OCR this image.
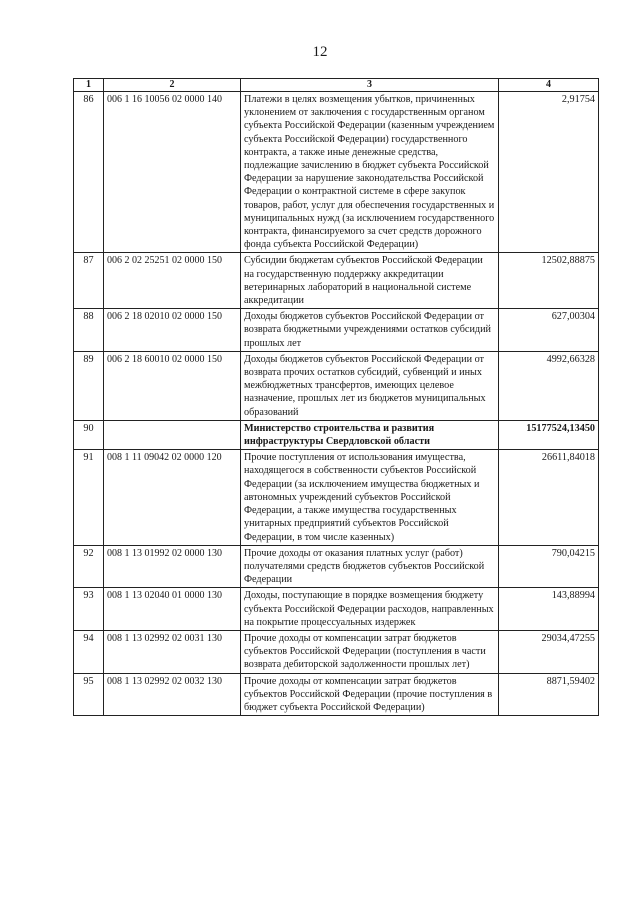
12
1	2	3	4
86	006 1 16 10056 02 0000 140	Платежи в целях возмещения убытков, причиненных уклонением от заключения с государственным органом субъекта Российской Федерации (казенным учреждением субъекта Российской Федерации) государственного контракта, а также иные денежные средства, подлежащие зачислению в бюджет субъекта Российской Федерации за нарушение законодательства Российской Федерации о контрактной системе в сфере закупок товаров, работ, услуг для обеспечения государственных и муниципальных нужд (за исключением государственного контракта, финансируемого за счет средств дорожного фонда субъекта Российской Федерации)	2,91754
87	006 2 02 25251 02 0000 150	Субсидии бюджетам субъектов Российской Федерации на государственную поддержку аккредитации ветеринарных лабораторий в национальной системе аккредитации	12502,88875
88	006 2 18 02010 02 0000 150	Доходы бюджетов субъектов Российской Федерации от возврата бюджетными учреждениями остатков субсидий прошлых лет	627,00304
89	006 2 18 60010 02 0000 150	Доходы бюджетов субъектов Российской Федерации от возврата прочих остатков субсидий, субвенций и иных межбюджетных трансфертов, имеющих целевое назначение, прошлых лет из бюджетов муниципальных образований	4992,66328
90		Министерство строительства и развития инфраструктуры Свердловской области	15177524,13450
91	008 1 11 09042 02 0000 120	Прочие поступления от использования имущества, находящегося в собственности субъектов Российской Федерации (за исключением имущества бюджетных и автономных учреждений субъектов Российской Федерации, а также имущества государственных унитарных предприятий субъектов Российской Федерации, в том числе казенных)	26611,84018
92	008 1 13 01992 02 0000 130	Прочие доходы от оказания платных услуг (работ) получателями средств бюджетов субъектов Российской Федерации	790,04215
93	008 1 13 02040 01 0000 130	Доходы, поступающие в порядке возмещения бюджету субъекта Российской Федерации расходов, направленных на покрытие процессуальных издержек	143,88994
94	008 1 13 02992 02 0031 130	Прочие доходы от компенсации затрат бюджетов субъектов Российской Федерации (поступления в части возврата дебиторской задолженности прошлых лет)	29034,47255
95	008 1 13 02992 02 0032 130	Прочие доходы от компенсации затрат бюджетов субъектов Российской Федерации (прочие поступления в бюджет субъекта Российской Федерации)	8871,59402
